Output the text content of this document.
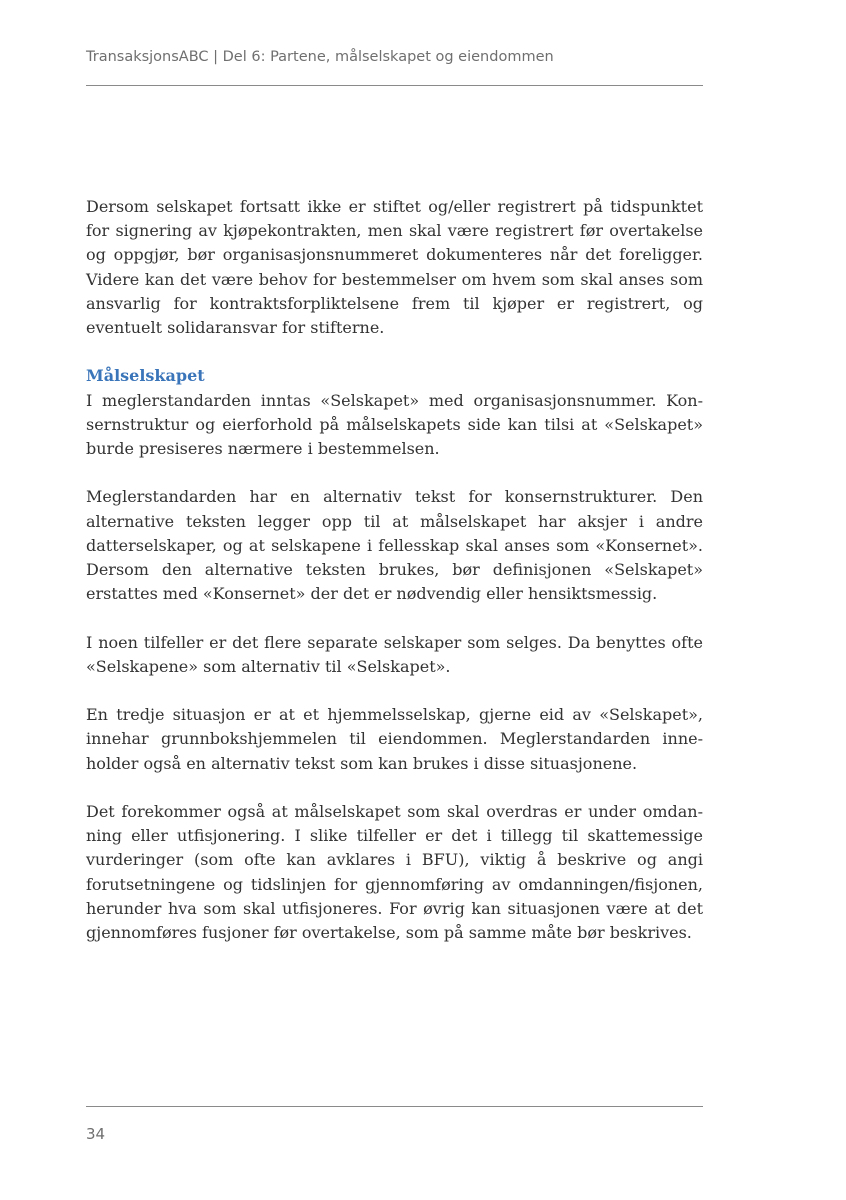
TransaksjonsABC | Del 6: Partene, målselskapet og eiendommen

Dersom selskapet fortsatt ikke er stiftet og/eller registrert på tidspunktet for signering av kjøpekontrakten, men skal være registrert før overtakelse og oppgjør, bør organisasjonsnummeret dokumenteres når det foreligger. Videre kan det være behov for bestemmelser om hvem som skal anses som ansvarlig for kontraktsforpliktelsene frem til kjøper er registrert, og eventuelt solidaransvar for stifterne.

Målselskapet

I meglerstandarden inntas «Selskapet» med organisasjonsnummer. Konsernstruktur og eierforhold på målselskapets side kan tilsi at «Selskapet» burde presiseres nærmere i bestemmelsen.

Meglerstandarden har en alternativ tekst for konsernstrukturer. Den alternative teksten legger opp til at målselskapet har aksjer i andre datterselskaper, og at selskapene i fellesskap skal anses som «Konsernet». Dersom den alternative teksten brukes, bør definisjonen «Selskapet» erstattes med «Konsernet» der det er nødvendig eller hensiktsmessig.

I noen tilfeller er det flere separate selskaper som selges. Da benyttes ofte «Selskapene» som alternativ til «Selskapet».

En tredje situasjon er at et hjemmelsselskap, gjerne eid av «Selskapet», innehar grunnbokshjemmelen til eiendommen. Meglerstandarden inneholder også en alternativ tekst som kan brukes i disse situasjonene.

Det forekommer også at målselskapet som skal overdras er under omdanning eller utfisjonering. I slike tilfeller er det i tillegg til skattemessige vurderinger (som ofte kan avklares i BFU), viktig å beskrive og angi forutsetningene og tidslinjen for gjennomføring av omdanningen/fisjonen, herunder hva som skal utfisjoneres. For øvrig kan situasjonen være at det gjennomføres fusjoner før overtakelse, som på samme måte bør beskrives.

34
